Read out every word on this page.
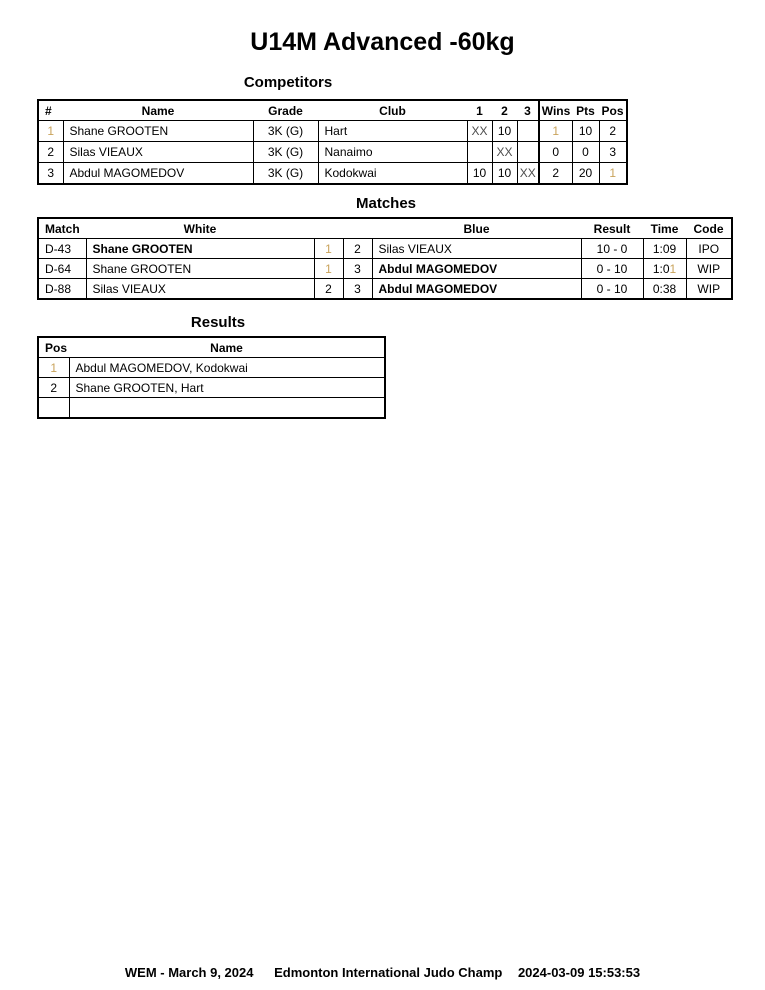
U14M Advanced -60kg
Competitors
#	Name	Grade	Club	1	2	3	Wins	Pts	Pos
1	Shane GROOTEN	3K (G)	Hart	XX	10		1	10	2
2	Silas VIEAUX	3K (G)	Nanaimo		XX		0	0	3
3	Abdul MAGOMEDOV	3K (G)	Kodokwai	10	10	XX	2	20	1
Matches
Match	White			Blue	Result	Time	Code
D-43	Shane GROOTEN	1	2	Silas VIEAUX	10 - 0	1:09	IPO
D-64	Shane GROOTEN	1	3	Abdul MAGOMEDOV	0 - 10	1:01	WIP
D-88	Silas VIEAUX	2	3	Abdul MAGOMEDOV	0 - 10	0:38	WIP
Results
Pos	Name
1	Abdul MAGOMEDOV, Kodokwai
2	Shane GROOTEN, Hart

WEM - March 9, 2024 Edmonton International Judo Champ 2024-03-09 15:53:53
